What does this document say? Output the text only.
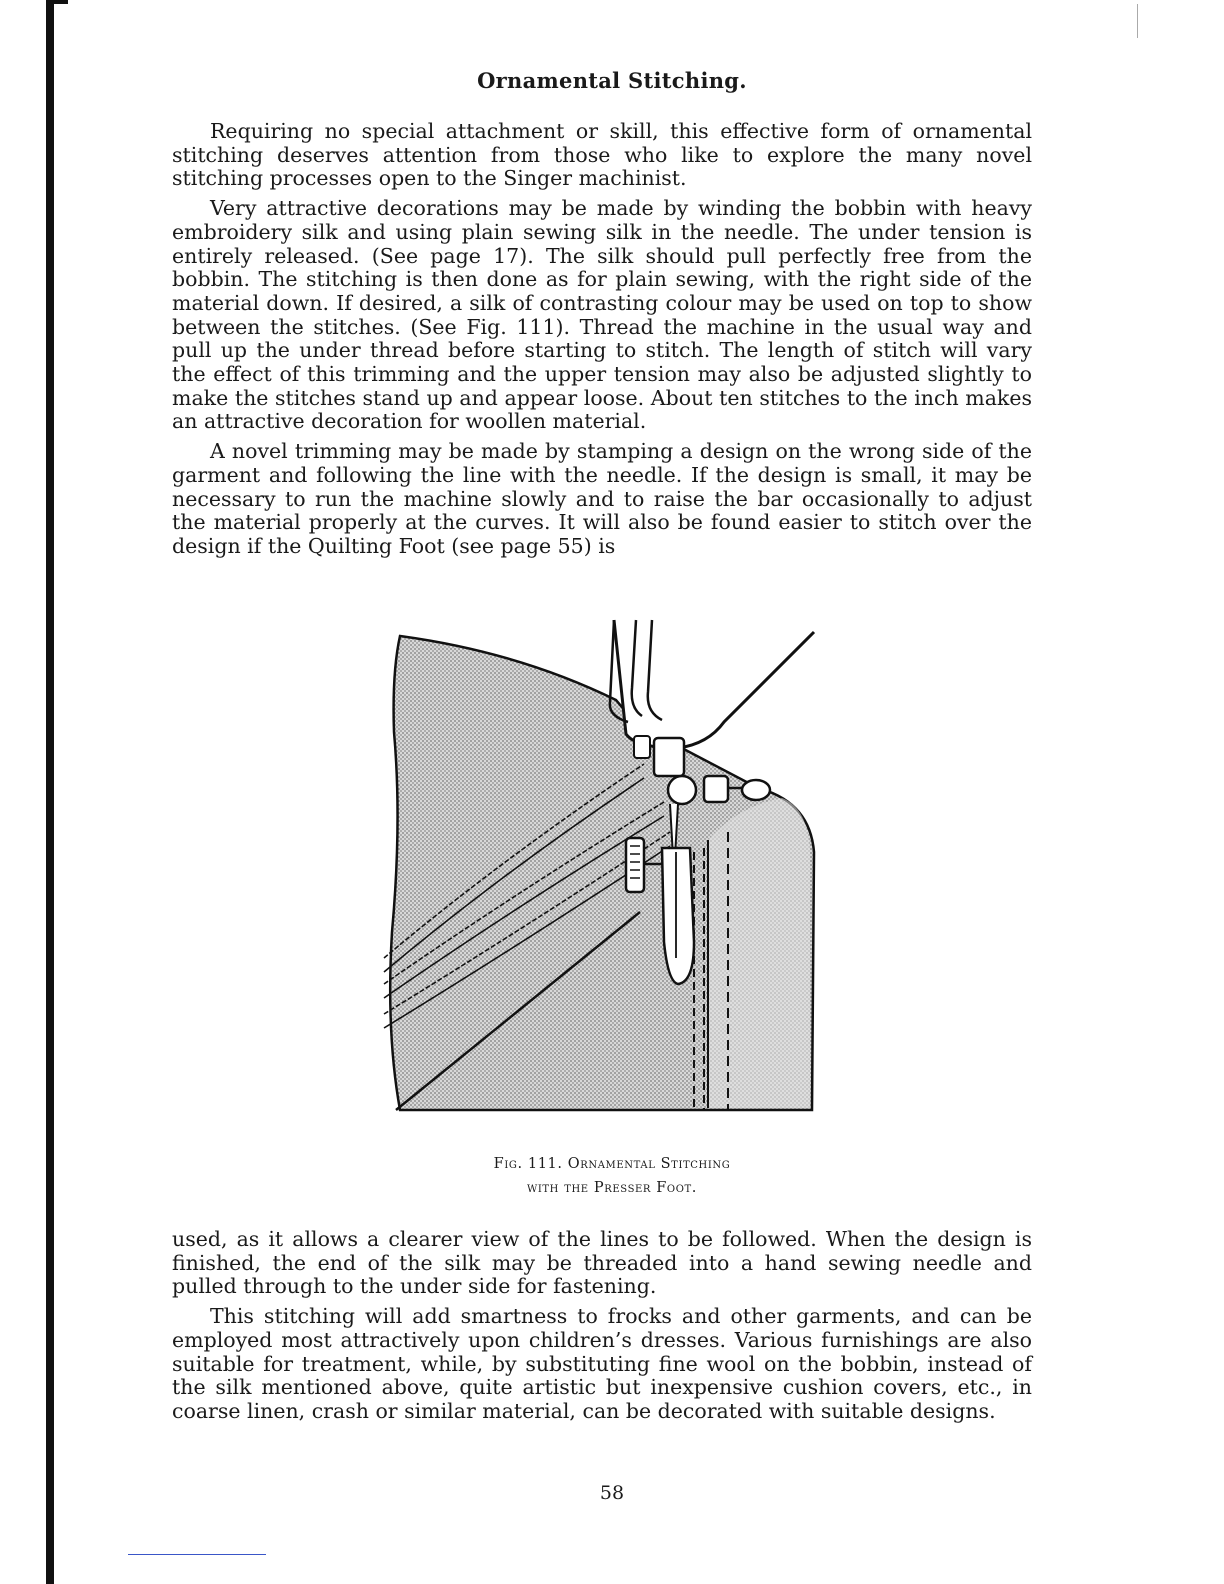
Ornamental Stitching.

Requiring no special attachment or skill, this effective form of ornamental stitching deserves attention from those who like to explore the many novel stitching processes open to the Singer machinist.

Very attractive decorations may be made by winding the bobbin with heavy embroidery silk and using plain sewing silk in the needle. The under tension is entirely released. (See page 17). The silk should pull perfectly free from the bobbin. The stitching is then done as for plain sewing, with the right side of the material down. If desired, a silk of contrasting colour may be used on top to show between the stitches. (See Fig. 111). Thread the machine in the usual way and pull up the under thread before starting to stitch. The length of stitch will vary the effect of this trimming and the upper tension may also be adjusted slightly to make the stitches stand up and appear loose. About ten stitches to the inch makes an attractive decoration for woollen material.

A novel trimming may be made by stamping a design on the wrong side of the garment and following the line with the needle. If the design is small, it may be necessary to run the machine slowly and to raise the bar occasionally to adjust the material properly at the curves. It will also be found easier to stitch over the design if the Quilting Foot (see page 55) is

Fig. 111. Ornamental Stitching
with the Presser Foot.

used, as it allows a clearer view of the lines to be followed. When the design is finished, the end of the silk may be threaded into a hand sewing needle and pulled through to the under side for fastening.

This stitching will add smartness to frocks and other garments, and can be employed most attractively upon children’s dresses. Various furnishings are also suitable for treatment, while, by substituting fine wool on the bobbin, instead of the silk mentioned above, quite artistic but inexpensive cushion covers, etc., in coarse linen, crash or similar material, can be decorated with suitable designs.

58
